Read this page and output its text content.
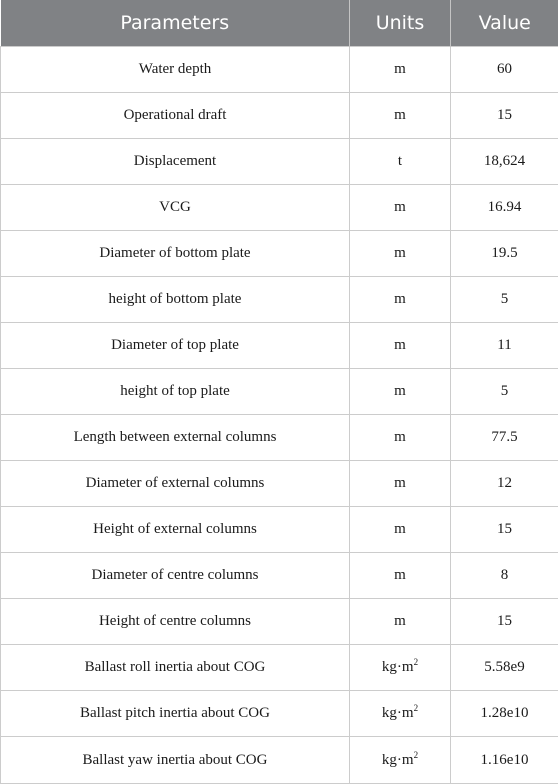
Parameters	Units	Value
Water depth	m	60
Operational draft	m	15
Displacement	t	18,624
VCG	m	16.94
Diameter of bottom plate	m	19.5
height of bottom plate	m	5
Diameter of top plate	m	11
height of top plate	m	5
Length between external columns	m	77.5
Diameter of external columns	m	12
Height of external columns	m	15
Diameter of centre columns	m	8
Height of centre columns	m	15
Ballast roll inertia about COG	$kg\cdot m^2$	5.58e9
Ballast pitch inertia about COG	$kg\cdot m^2$	1.28e10
Ballast yaw inertia about COG	$kg\cdot m^2$	1.16e10
